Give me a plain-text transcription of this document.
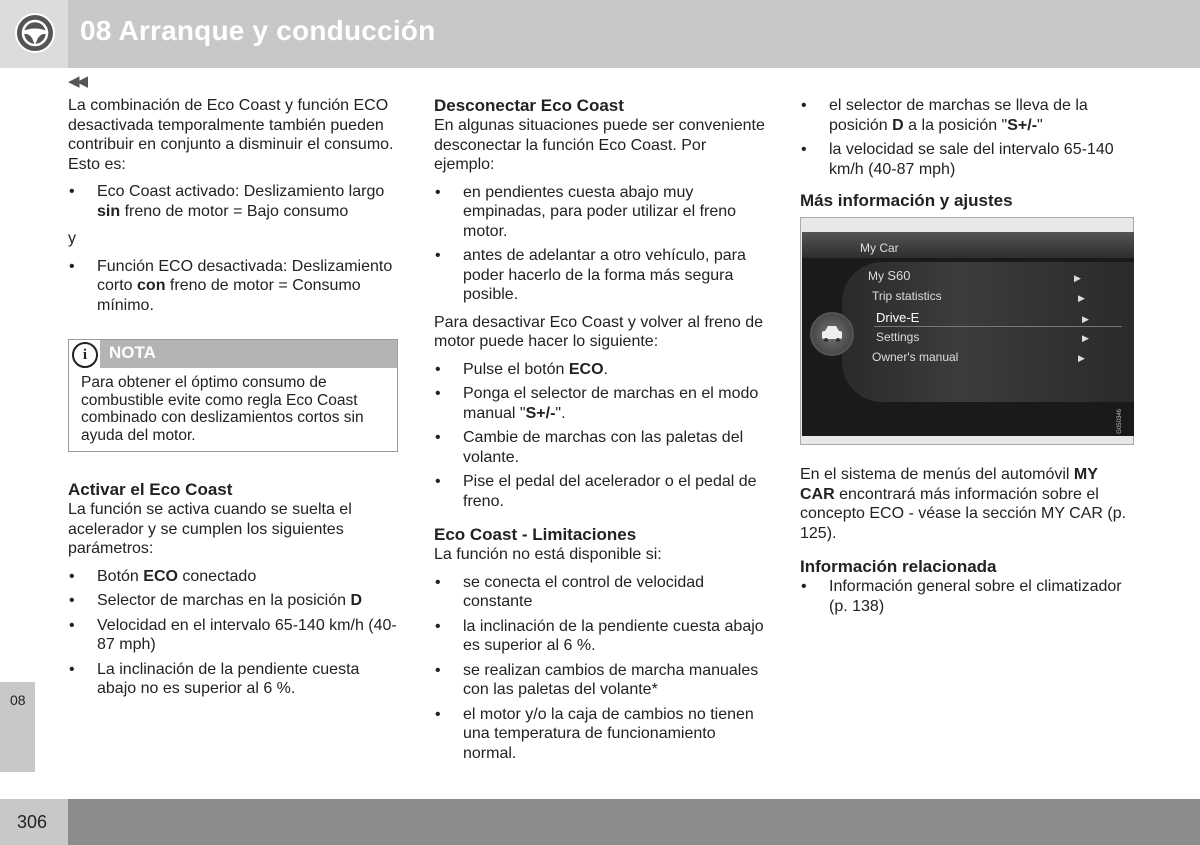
08 Arranque y conducción
◀◀
08
306

La combinación de Eco Coast y función ECO desactivada temporalmente también pueden contribuir en conjunto a disminuir el consumo. Esto es:

• Eco Coast activado: Deslizamiento largo sin freno de motor = Bajo consumo

y

• Función ECO desactivada: Deslizamiento corto con freno de motor = Consumo mínimo.
i	NOTA
Para obtener el óptimo consumo de combustible evite como regla Eco Coast combinado con deslizamientos cortos sin ayuda del motor.
Activar el Eco Coast

La función se activa cuando se suelta el acelerador y se cumplen los siguientes parámetros:

• Botón ECO conectado
• Selector de marchas en la posición D
• Velocidad en el intervalo 65-140 km/h (40-87 mph)
• La inclinación de la pendiente cuesta abajo no es superior al 6 %.
Desconectar Eco Coast

En algunas situaciones puede ser conveniente desconectar la función Eco Coast. Por ejemplo:

• en pendientes cuesta abajo muy empinadas, para poder utilizar el freno motor.
• antes de adelantar a otro vehículo, para poder hacerlo de la forma más segura posible.

Para desactivar Eco Coast y volver al freno de motor puede hacer lo siguiente:

• Pulse el botón ECO.
• Ponga el selector de marchas en el modo manual "S+/-".
• Cambie de marchas con las paletas del volante.
• Pise el pedal del acelerador o el pedal de freno.
Eco Coast - Limitaciones

La función no está disponible si:

• se conecta el control de velocidad constante
• la inclinación de la pendiente cuesta abajo es superior al 6 %.
• se realizan cambios de marcha manuales con las paletas del volante*
• el motor y/o la caja de cambios no tienen una temperatura de funcionamiento normal.
• el selector de marchas se lleva de la posición D a la posición "S+/-"
• la velocidad se sale del intervalo 65-140 km/h (40-87 mph)
Más información y ajustes
My Car
My S60	▶
Trip statistics	▶
Drive-E	▶
Settings	▶
Owner's manual	▶
G050346

En el sistema de menús del automóvil MY CAR encontrará más información sobre el concepto ECO - véase la sección MY CAR (p. 125).

Información relacionada
• Información general sobre el climatizador (p. 138)
